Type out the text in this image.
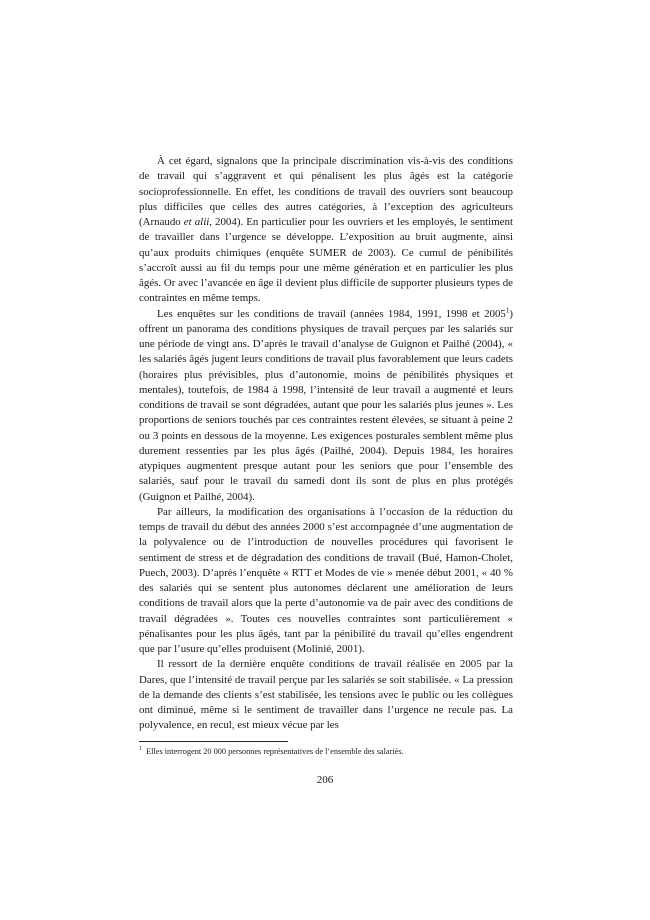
À cet égard, signalons que la principale discrimination vis-à-vis des conditions de travail qui s’aggravent et qui pénalisent les plus âgés est la catégorie socioprofessionnelle. En effet, les conditions de travail des ouvriers sont beaucoup plus difficiles que celles des autres catégories, à l’exception des agriculteurs (Arnaudo et alii, 2004). En particulier pour les ouvriers et les employés, le sentiment de travailler dans l’urgence se développe. L’exposition au bruit augmente, ainsi qu’aux produits chimiques (enquête SUMER de 2003). Ce cumul de pénibilités s’accroît aussi au fil du temps pour une même génération et en particulier les plus âgés. Or avec l’avancée en âge il devient plus difficile de supporter plusieurs types de contraintes en même temps.

Les enquêtes sur les conditions de travail (années 1984, 1991, 1998 et 2005$^1$) offrent un panorama des conditions physiques de travail perçues par les salariés sur une période de vingt ans. D’après le travail d’analyse de Guignon et Pailhé (2004), « les salariés âgés jugent leurs conditions de travail plus favorablement que leurs cadets (horaires plus prévisibles, plus d’autonomie, moins de pénibilités physiques et mentales), toutefois, de 1984 à 1998, l’intensité de leur travail a augmenté et leurs conditions de travail se sont dégradées, autant que pour les salariés plus jeunes ». Les proportions de seniors touchés par ces contraintes restent élevées, se situant à peine 2 ou 3 points en dessous de la moyenne. Les exigences posturales semblent même plus durement ressenties par les plus âgés (Pailhé, 2004). Depuis 1984, les horaires atypiques augmentent presque autant pour les seniors que pour l’ensemble des salariés, sauf pour le travail du samedi dont ils sont de plus en plus protégés (Guignon et Pailhé, 2004).

Par ailleurs, la modification des organisations à l’occasion de la réduction du temps de travail du début des années 2000 s’est accompagnée d’une augmentation de la polyvalence ou de l’introduction de nouvelles procédures qui favorisent le sentiment de stress et de dégradation des conditions de travail (Bué, Hamon-Cholet, Puech, 2003). D’après l’enquête « RTT et Modes de vie » menée début 2001, « 40 % des salariés qui se sentent plus autonomes déclarent une amélioration de leurs conditions de travail alors que la perte d’autonomie va de pair avec des conditions de travail dégradées ». Toutes ces nouvelles contraintes sont particulièrement « pénalisantes pour les plus âgés, tant par la pénibilité du travail qu’elles engendrent que par l’usure qu’elles produisent (Molinié, 2001).

Il ressort de la dernière enquête conditions de travail réalisée en 2005 par la Dares, que l’intensité de travail perçue par les salariés se soit stabilisée. « La pression de la demande des clients s’est stabilisée, les tensions avec le public ou les collègues ont diminué, même si le sentiment de travailler dans l’urgence ne recule pas. La polyvalence, en recul, est mieux vécue par les

$^1$ Elles interrogent 20 000 personnes représentatives de l’ensemble des salariés.
206
